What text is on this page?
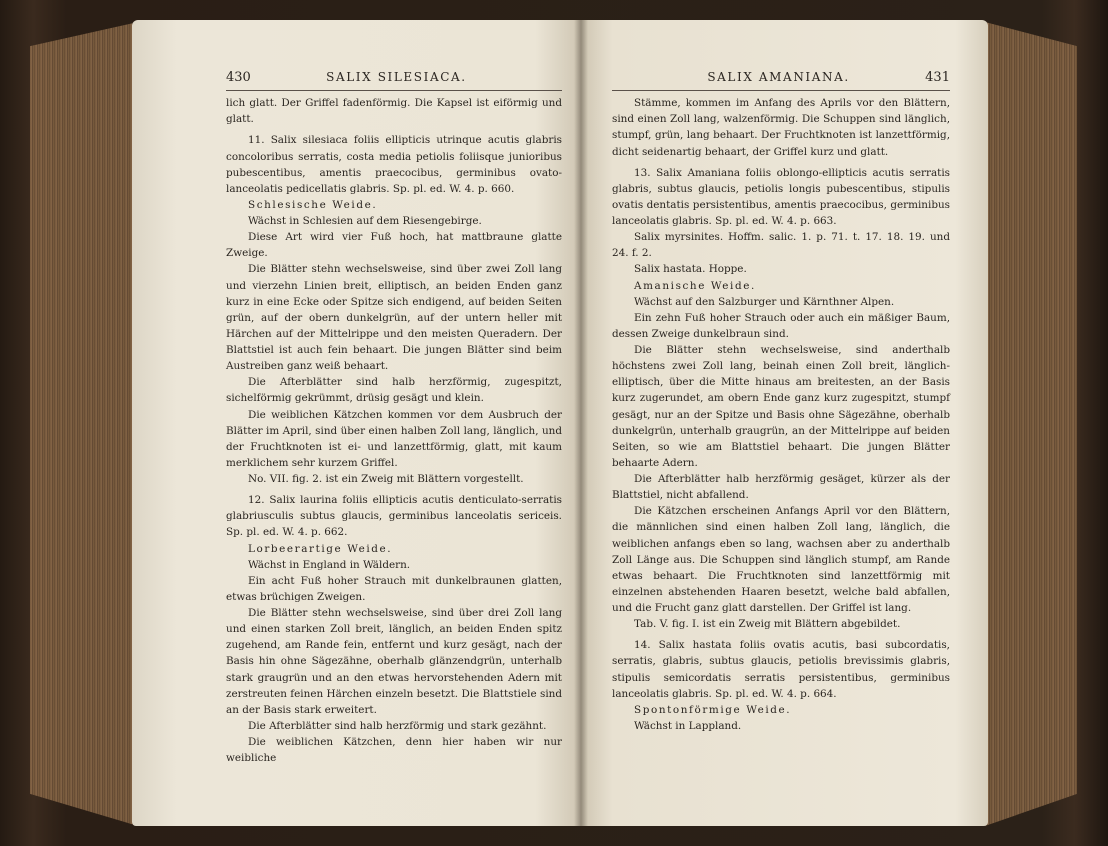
430	SALIX SILESIACA.

lich glatt. Der Griffel fadenförmig. Die Kapsel ist eiförmig und glatt.

11. Salix silesiaca foliis ellipticis utrinque acutis glabris concoloribus serratis, costa media petiolis foliisque junioribus pubescentibus, amentis praecocibus, germinibus ovato-lanceolatis pedicellatis glabris. Sp. pl. ed. W. 4. p. 660.

Schlesische Weide.

Wächst in Schlesien auf dem Riesengebirge.

Diese Art wird vier Fuß hoch, hat mattbraune glatte Zweige.

Die Blätter stehn wechselsweise, sind über zwei Zoll lang und vierzehn Linien breit, elliptisch, an beiden Enden ganz kurz in eine Ecke oder Spitze sich endigend, auf beiden Seiten grün, auf der obern dunkelgrün, auf der untern heller mit Härchen auf der Mittelrippe und den meisten Queradern. Der Blattstiel ist auch fein behaart. Die jungen Blätter sind beim Austreiben ganz weiß behaart.

Die Afterblätter sind halb herzförmig, zugespitzt, sichelförmig gekrümmt, drüsig gesägt und klein.

Die weiblichen Kätzchen kommen vor dem Ausbruch der Blätter im April, sind über einen halben Zoll lang, länglich, und der Fruchtknoten ist ei- und lanzettförmig, glatt, mit kaum merklichem sehr kurzem Griffel.

No. VII. fig. 2. ist ein Zweig mit Blättern vorgestellt.

12. Salix laurina foliis ellipticis acutis denticulato-serratis glabriusculis subtus glaucis, germinibus lanceolatis sericeis. Sp. pl. ed. W. 4. p. 662.

Lorbeerartige Weide.

Wächst in England in Wäldern.

Ein acht Fuß hoher Strauch mit dunkelbraunen glatten, etwas brüchigen Zweigen.

Die Blätter stehn wechselsweise, sind über drei Zoll lang und einen starken Zoll breit, länglich, an beiden Enden spitz zugehend, am Rande fein, entfernt und kurz gesägt, nach der Basis hin ohne Sägezähne, oberhalb glänzendgrün, unterhalb stark graugrün und an den etwas hervorstehenden Adern mit zerstreuten feinen Härchen einzeln besetzt. Die Blattstiele sind an der Basis stark erweitert.

Die Afterblätter sind halb herzförmig und stark gezähnt.

Die weiblichen Kätzchen, denn hier haben wir nur weibliche

SALIX AMANIANA.	431

Stämme, kommen im Anfang des Aprils vor den Blättern, sind einen Zoll lang, walzenförmig. Die Schuppen sind länglich, stumpf, grün, lang behaart. Der Fruchtknoten ist lanzettförmig, dicht seidenartig behaart, der Griffel kurz und glatt.

13. Salix Amaniana foliis oblongo-ellipticis acutis serratis glabris, subtus glaucis, petiolis longis pubescentibus, stipulis ovatis dentatis persistentibus, amentis praecocibus, germinibus lanceolatis glabris. Sp. pl. ed. W. 4. p. 663.

Salix myrsinites. Hoffm. salic. 1. p. 71. t. 17. 18. 19. und 24. f. 2.

Salix hastata. Hoppe.

Amanische Weide.

Wächst auf den Salzburger und Kärnthner Alpen.

Ein zehn Fuß hoher Strauch oder auch ein mäßiger Baum, dessen Zweige dunkelbraun sind.

Die Blätter stehn wechselsweise, sind anderthalb höchstens zwei Zoll lang, beinah einen Zoll breit, länglich-elliptisch, über die Mitte hinaus am breitesten, an der Basis kurz zugerundet, am obern Ende ganz kurz zugespitzt, stumpf gesägt, nur an der Spitze und Basis ohne Sägezähne, oberhalb dunkelgrün, unterhalb graugrün, an der Mittelrippe auf beiden Seiten, so wie am Blattstiel behaart. Die jungen Blätter behaarte Adern.

Die Afterblätter halb herzförmig gesäget, kürzer als der Blattstiel, nicht abfallend.

Die Kätzchen erscheinen Anfangs April vor den Blättern, die männlichen sind einen halben Zoll lang, länglich, die weiblichen anfangs eben so lang, wachsen aber zu anderthalb Zoll Länge aus. Die Schuppen sind länglich stumpf, am Rande etwas behaart. Die Fruchtknoten sind lanzettförmig mit einzelnen abstehenden Haaren besetzt, welche bald abfallen, und die Frucht ganz glatt darstellen. Der Griffel ist lang.

Tab. V. fig. I. ist ein Zweig mit Blättern abgebildet.

14. Salix hastata foliis ovatis acutis, basi subcordatis, serratis, glabris, subtus glaucis, petiolis brevissimis glabris, stipulis semicordatis serratis persistentibus, germinibus lanceolatis glabris. Sp. pl. ed. W. 4. p. 664.

Spontonförmige Weide.

Wächst in Lappland.
